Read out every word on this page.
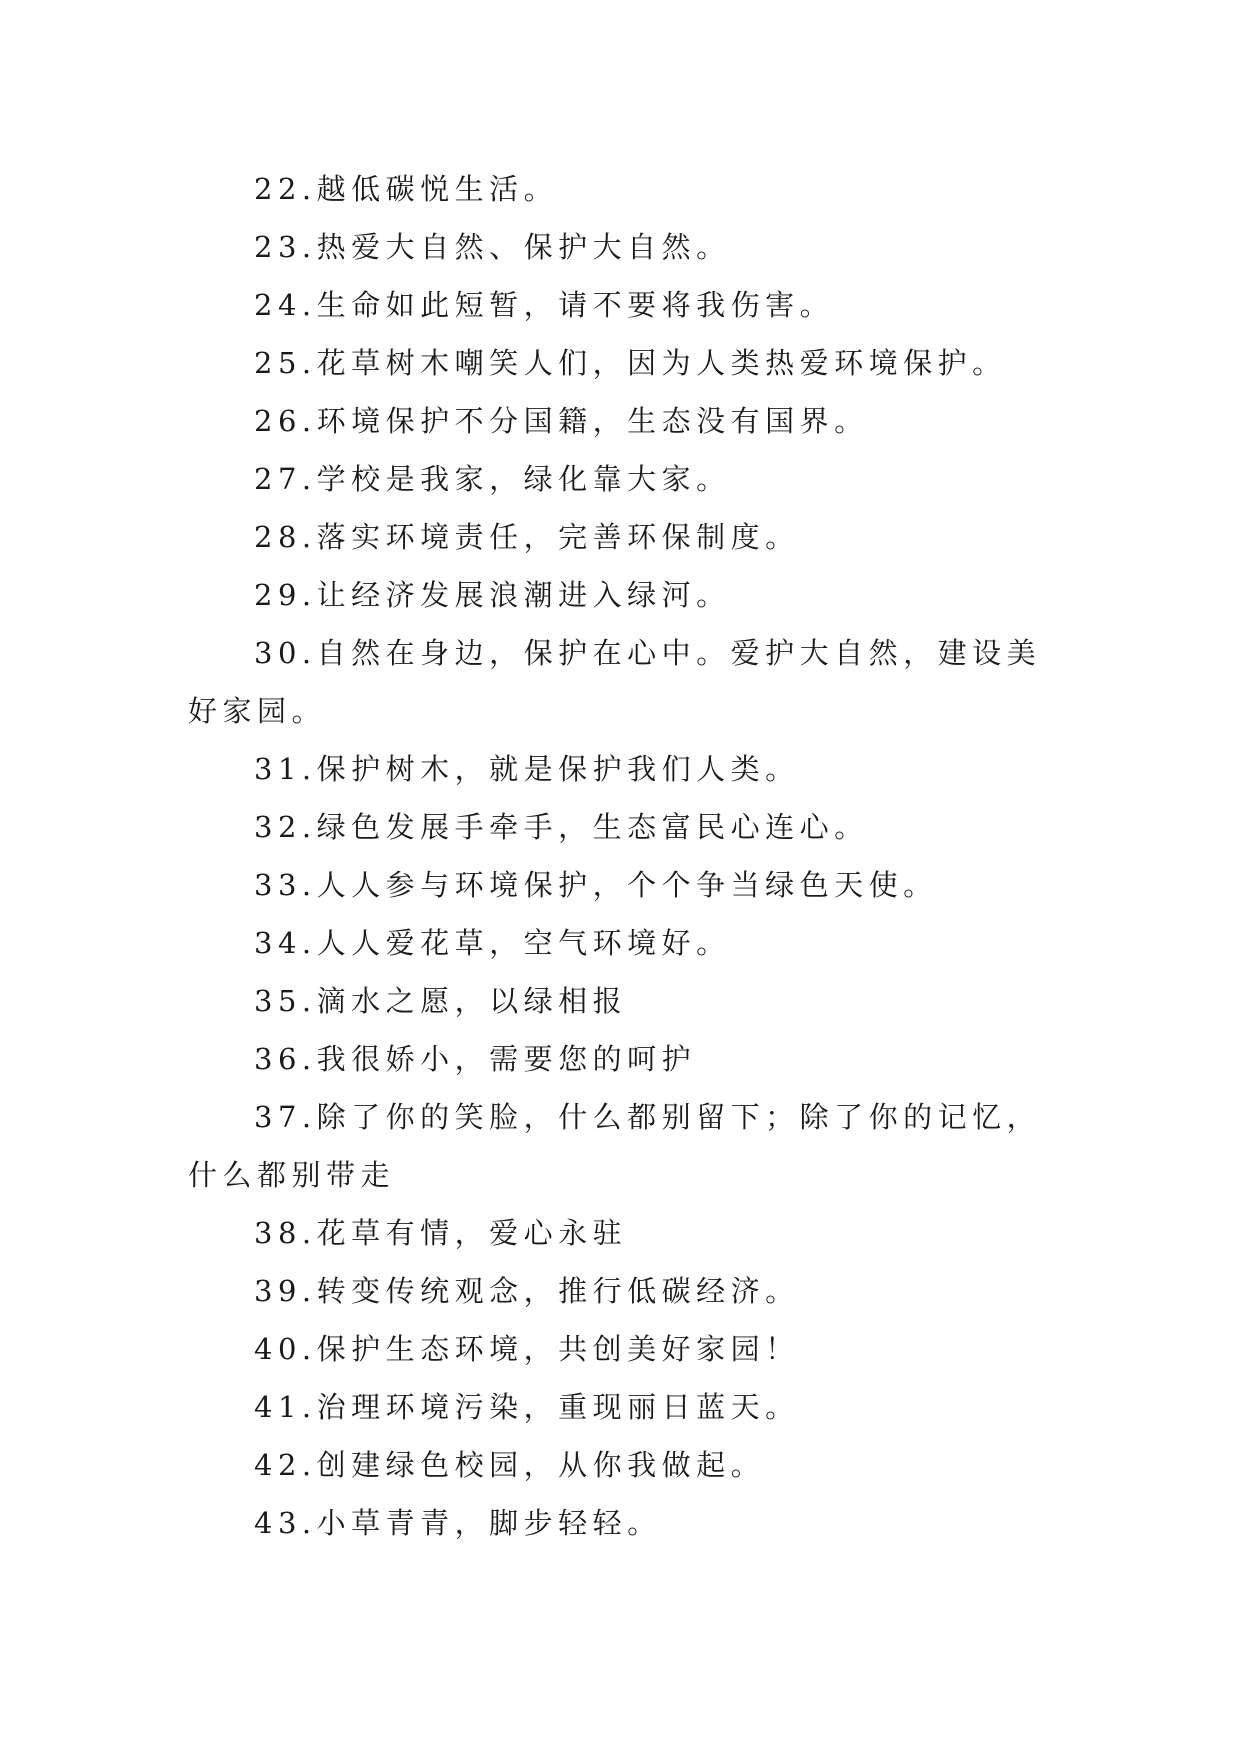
22.越低碳悦生活。

23.热爱大自然、保护大自然。

24.生命如此短暂，请不要将我伤害。

25.花草树木嘲笑人们，因为人类热爱环境保护。

26.环境保护不分国籍，生态没有国界。

27.学校是我家，绿化靠大家。

28.落实环境责任，完善环保制度。

29.让经济发展浪潮进入绿河。

30.自然在身边，保护在心中。爱护大自然，建设美好家园。

31.保护树木，就是保护我们人类。

32.绿色发展手牵手，生态富民心连心。

33.人人参与环境保护，个个争当绿色天使。

34.人人爱花草，空气环境好。

35.滴水之愿，以绿相报

36.我很娇小，需要您的呵护

37.除了你的笑脸，什么都别留下；除了你的记忆，什么都别带走

38.花草有情，爱心永驻

39.转变传统观念，推行低碳经济。

40.保护生态环境，共创美好家园！

41.治理环境污染，重现丽日蓝天。

42.创建绿色校园，从你我做起。

43.小草青青，脚步轻轻。
